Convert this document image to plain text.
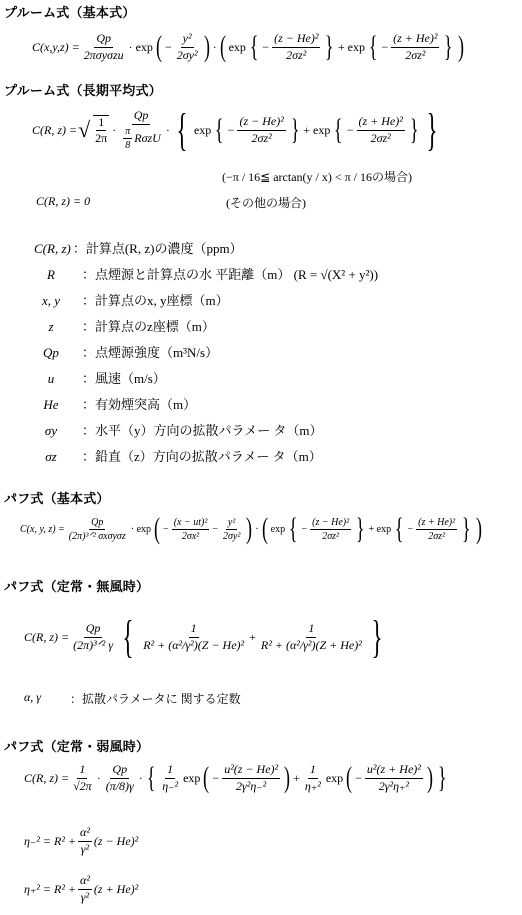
プルーム式（基本式）
$C(x,y,z) = \frac{Qp}{\text{2πσyσzu}} \cdot \exp$ ( − $\frac{\text{y²}}{\text{2σy²}}$ ) · ( exp { − $\frac{\text{(z − He)²}}{\text{2σz²}}$ } + exp { − $\frac{\text{(z + He)²}}{\text{2σz²}}$ } )
プルーム式（長期平均式）
C(R, z) = √ $\frac{1}{2\pi} \cdot \frac{Qp}{\frac{\pi}{8} R\sigma zU}$ · { exp { − $\frac{\text{(z − He)²}}{\text{2σz²}}$ } + exp { − $\frac{\text{(z + He)²}}{\text{2σz²}}$ } }
(−π / 16≦ arctan(y / x) < π / 16の場合)
C(R, z) = 0	(その他の場合)
C(R, z) ：計算点(R, z)の濃度（ppm）
R ：点煙源と計算点の水 平距離（m） (R = √(X² + y²))
x, y ：計算点のx, y座標（m）
z ：計算点のz座標（m）
Qp ：点煙源強度（m³N/s）
u ：風速（m/s）
He ：有効煙突高（m）
σy ：水平（y）方向の拡散パラメー タ（m）
σz ：鉛直（z）方向の拡散パラメー タ（m）
パフ式（基本式）
C(x, y, $z) = \frac{Qp}{\text{(2π)³ᐟ² σxσyσz}} \cdot \exp$ ( − $\frac{\text{(x − ut)²}}{\text{2σx²}} - \frac{\text{y²}}{\text{2σy²}}$ ) · ( exp { − $\frac{\text{(z − He)²}}{\text{2σz²}}$ } + exp { − $\frac{\text{(z + He)²}}{\text{2σz²}}$ } )
パフ式（定常・無風時）
C(R, $z) = \frac{Qp}{\text{(2π)³ᐟ² γ}}$ { $\frac{1}{\text{R² + (α²/γ²)(Z − He)²}} + \frac{1}{\text{R² + (α²/γ²)(Z + He)²}}$ }
α, γ ：拡散パラメータに 関する定数
パフ式（定常・弱風時）
C(R, $z) = \frac{1}{√2\pi} \cdot \frac{Qp}{(\pi/8)\gamma}$ · { $\frac{1}{\text{η₋²}}$ exp ( − $\frac{\text{u²(z − He)²}}{\text{2γ²η₋²}}$ ) + $\frac{1}{\text{η₊²}}$ exp ( − $\frac{\text{u²(z + He)²}}{\text{2γ²η₊²}}$ ) }
$\eta_-^2 = R^2 + \frac{\text{α²}}{\text{γ²}} (z - He)^2$
$\eta_+^2 = R^2 + \frac{\text{α²}}{\text{γ²}} (z + He)^2$
